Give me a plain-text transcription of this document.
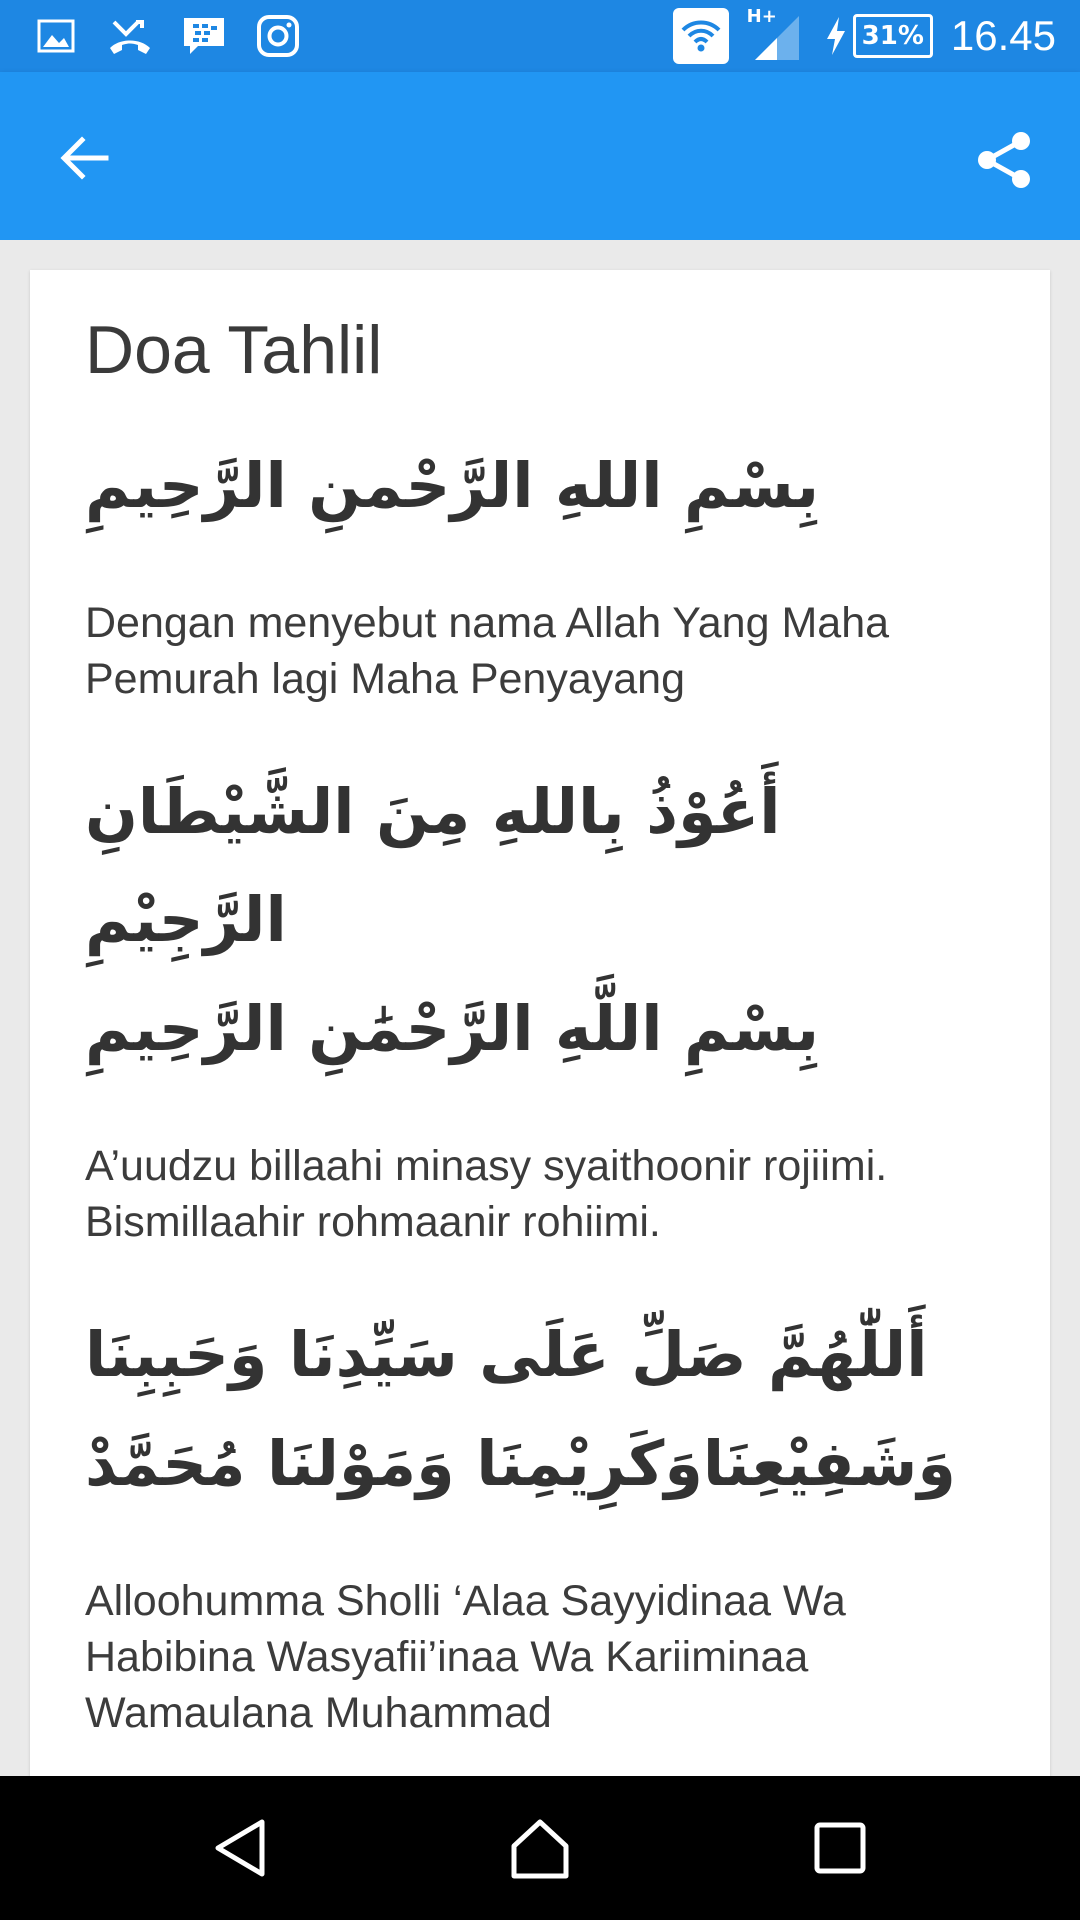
H+
31% 16.45
Doa Tahlil
بِسْمِ اللهِ الرَّحْمنِ الرَّحِيمِ

Dengan menyebut nama Allah Yang Maha Pemurah lagi Maha Penyayang

أَعُوْذُ بِاللهِ مِنَ الشَّيْطَانِ الرَّجِيْمِ
بِسْمِ اللَّهِ الرَّحْمَٰنِ الرَّحِيمِ

A’uudzu billaahi minasy syaithoonir rojiimi. Bismillaahir rohmaanir rohiimi.

أَللّٰهُمَّ صَلِّ عَلَى سَيِّدِنَا وَحَبِبِنَا
وَشَفِيْعِنَاوَكَرِيْمِنَا وَمَوْلنَا مُحَمَّدْ

Alloohumma Sholli ‘Alaa Sayyidinaa Wa Habibina Wasyafii’inaa Wa Kariiminaa Wamaulana Muhammad
